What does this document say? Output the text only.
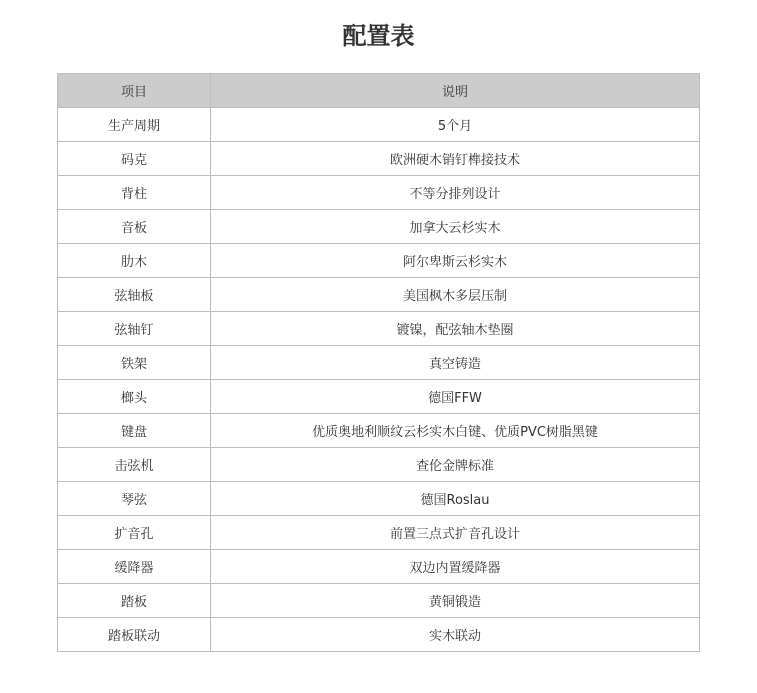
配置表
项目	说明
生产周期	5个月
码克	欧洲硬木销钉榫接技术
背柱	不等分排列设计
音板	加拿大云杉实木
肋木	阿尔卑斯云杉实木
弦轴板	美国枫木多层压制
弦轴钉	镀镍，配弦轴木垫圈
铁架	真空铸造
榔头	德国FFW
键盘	优质奥地利顺纹云杉实木白键、优质PVC树脂黑键
击弦机	查伦金牌标准
琴弦	德国Roslau
扩音孔	前置三点式扩音孔设计
缓降器	双边内置缓降器
踏板	黄铜锻造
踏板联动	实木联动
